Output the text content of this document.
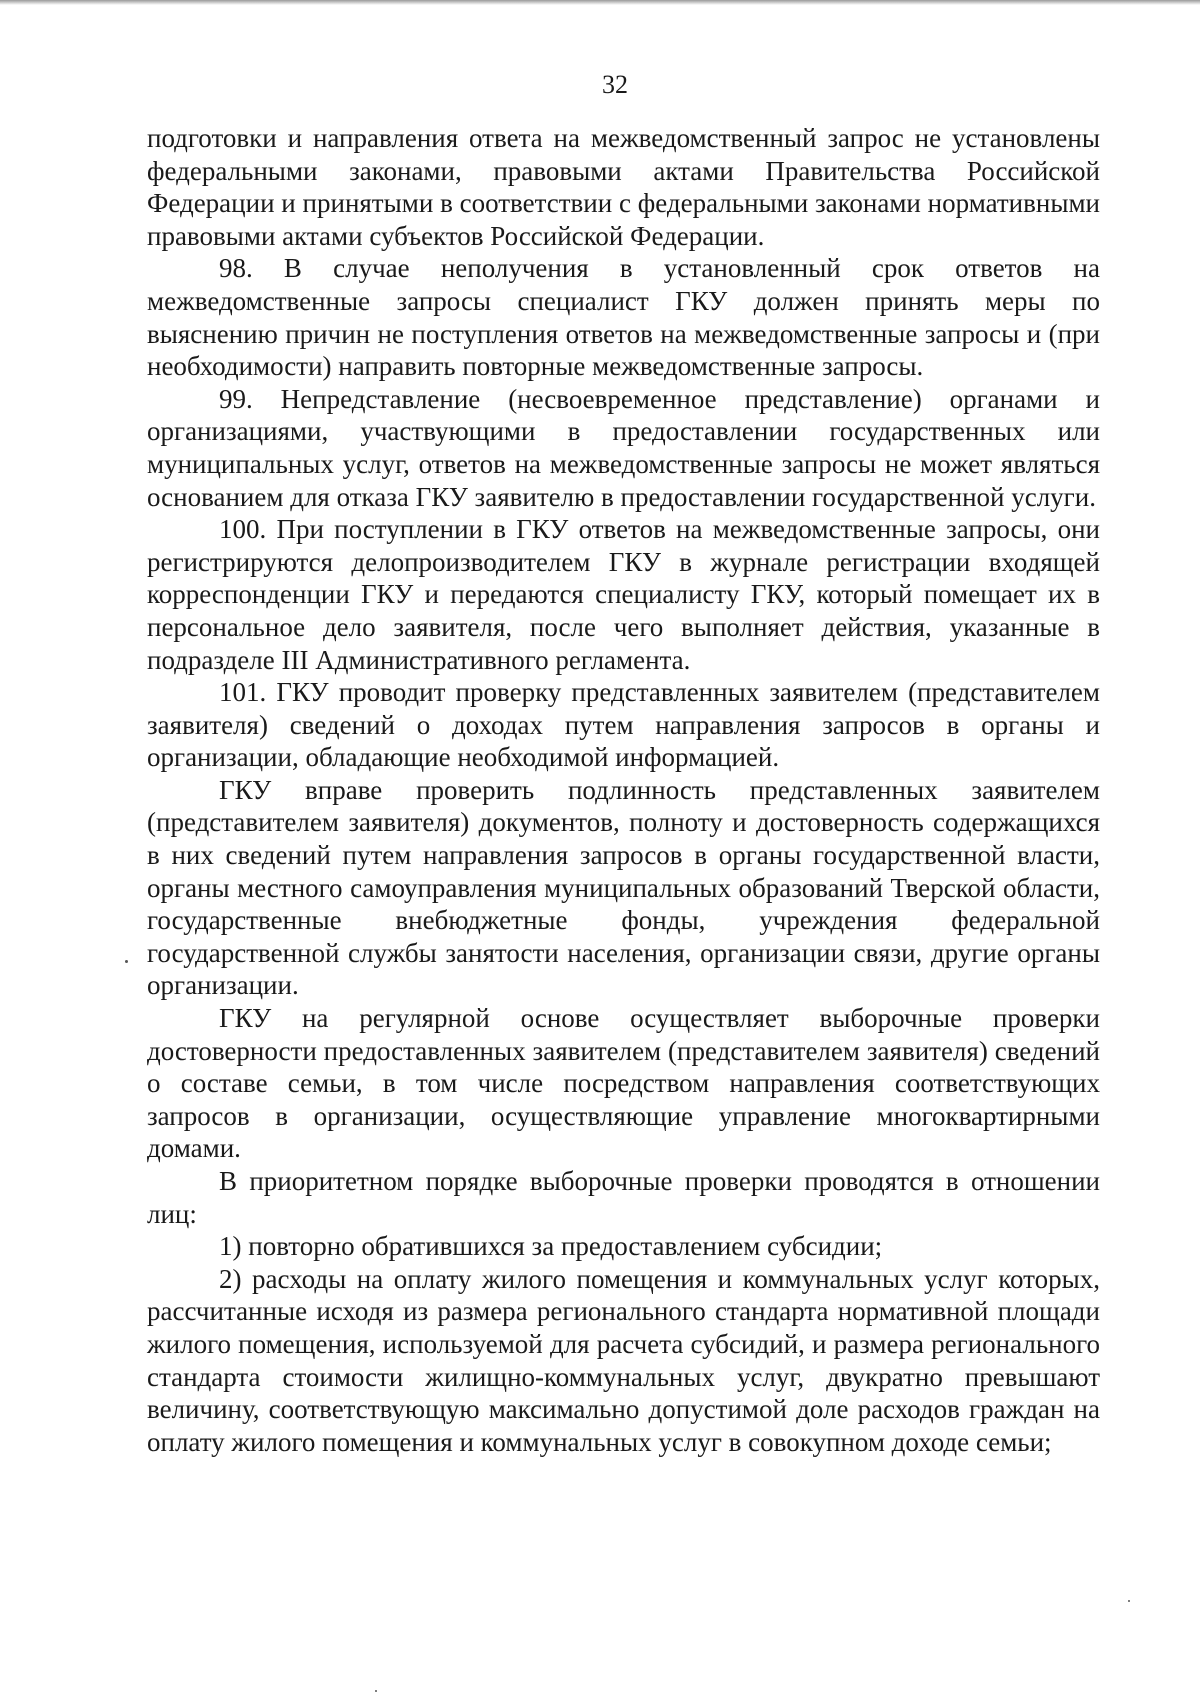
32

подготовки и направления ответа на межведомственный запрос не установлены федеральными законами, правовыми актами Правительства Российской Федерации и принятыми в соответствии с федеральными законами нормативными правовыми актами субъектов Российской Федерации.

98. В случае неполучения в установленный срок ответов на межведомственные запросы специалист ГКУ должен принять меры по выяснению причин не поступления ответов на межведомственные запросы и (при необходимости) направить повторные межведомственные запросы.

99. Непредставление (несвоевременное представление) органами и организациями, участвующими в предоставлении государственных или муниципальных услуг, ответов на межведомственные запросы не может являться основанием для отказа ГКУ заявителю в предоставлении государственной услуги.

100. При поступлении в ГКУ ответов на межведомственные запросы, они регистрируются делопроизводителем ГКУ в журнале регистрации входящей корреспонденции ГКУ и передаются специалисту ГКУ, который помещает их в персональное дело заявителя, после чего выполняет действия, указанные в подразделе III Административного регламента.

101. ГКУ проводит проверку представленных заявителем (представителем заявителя) сведений о доходах путем направления запросов в органы и организации, обладающие необходимой информацией.

ГКУ вправе проверить подлинность представленных заявителем (представителем заявителя) документов, полноту и достоверность содержащихся в них сведений путем направления запросов в органы государственной власти, органы местного самоуправления муниципальных образований Тверской области, государственные внебюджетные фонды, учреждения федеральной государственной службы занятости населения, организации связи, другие органы организации.

ГКУ на регулярной основе осуществляет выборочные проверки достоверности предоставленных заявителем (представителем заявителя) сведений о составе семьи, в том числе посредством направления соответствующих запросов в организации, осуществляющие управление многоквартирными домами.

В приоритетном порядке выборочные проверки проводятся в отношении лиц:

1) повторно обратившихся за предоставлением субсидии;

2) расходы на оплату жилого помещения и коммунальных услуг которых, рассчитанные исходя из размера регионального стандарта нормативной площади жилого помещения, используемой для расчета субсидий, и размера регионального стандарта стоимости жилищно-коммунальных услуг, двукратно превышают величину, соответствующую максимально допустимой доле расходов граждан на оплату жилого помещения и коммунальных услуг в совокупном доходе семьи;
